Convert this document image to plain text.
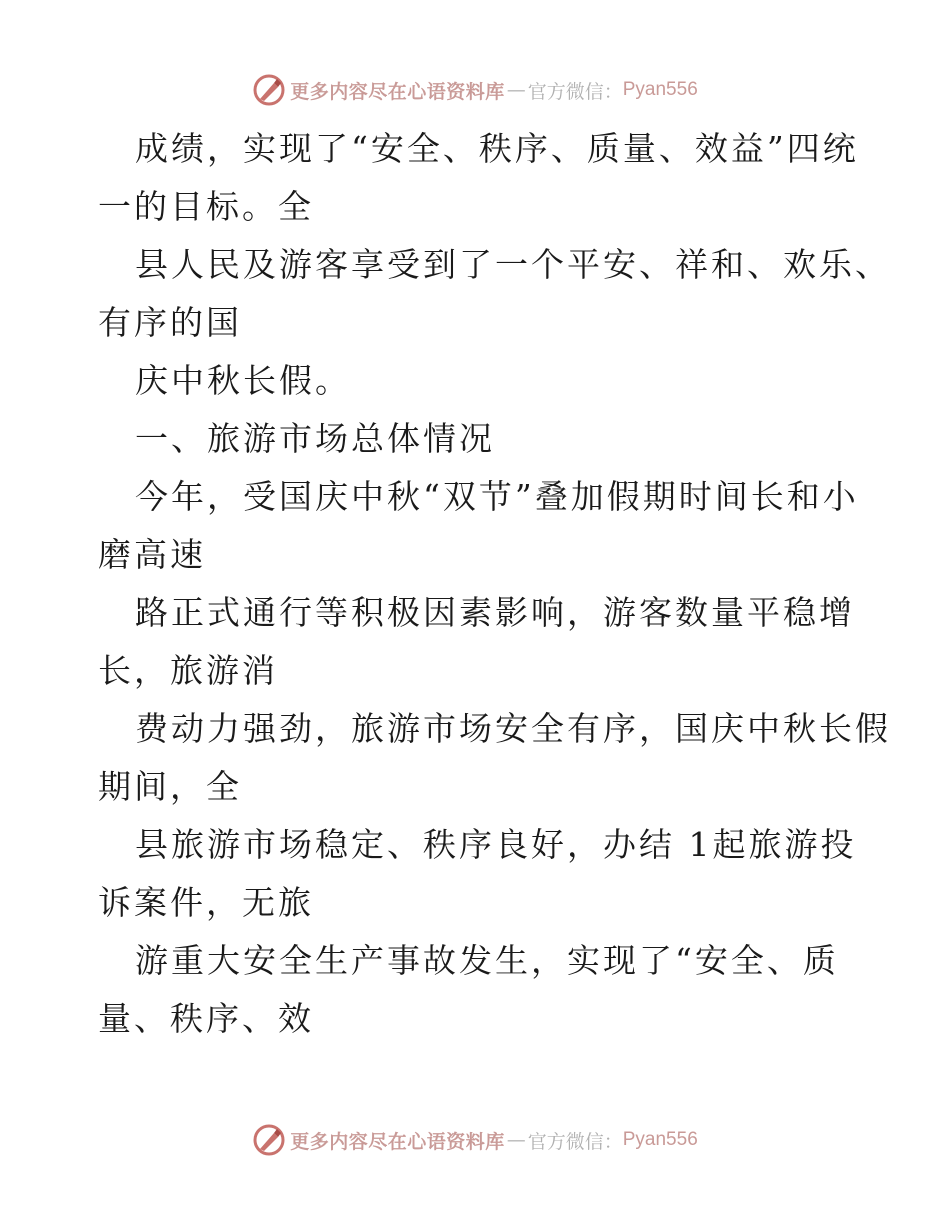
更多内容尽在心语资料库 — 官方微信： Pyan556
成绩，实现了“安全、秩序、质量、效益”四统
一的目标。全
县人民及游客享受到了一个平安、祥和、欢乐、
有序的国
庆中秋长假。
一、旅游市场总体情况
今年，受国庆中秋“双节”叠加假期时间长和小
磨高速
路正式通行等积极因素影响，游客数量平稳增
长，旅游消
费动力强劲，旅游市场安全有序，国庆中秋长假
期间，全
县旅游市场稳定、秩序良好，办结 1起旅游投
诉案件，无旅
游重大安全生产事故发生，实现了“安全、质
量、秩序、效
更多内容尽在心语资料库 — 官方微信： Pyan556
